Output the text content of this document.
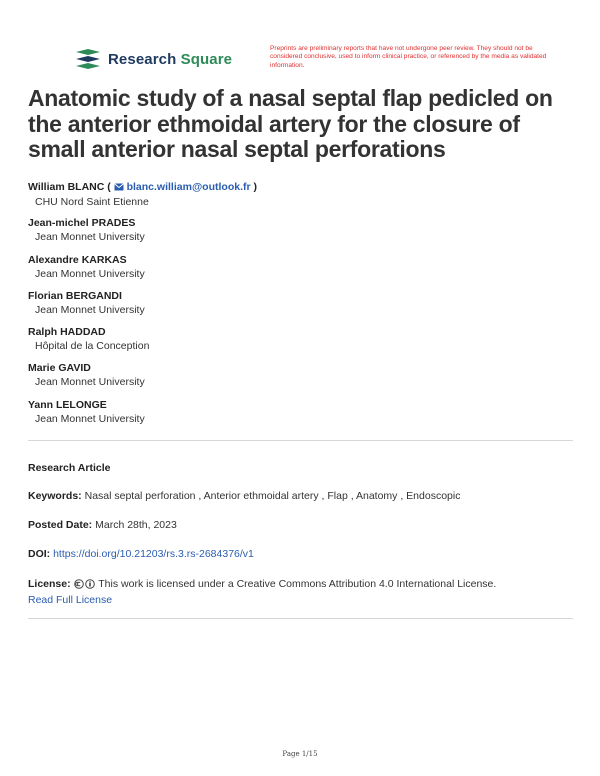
Research Square
Preprints are preliminary reports that have not undergone peer review. They should not be considered conclusive, used to inform clinical practice, or referenced by the media as validated information.
Anatomic study of a nasal septal flap pedicled on the anterior ethmoidal artery for the closure of small anterior nasal septal perforations
William BLANC (  blanc.william@outlook.fr )
CHU Nord Saint Etienne
Jean-michel PRADES
Jean Monnet University
Alexandre KARKAS
Jean Monnet University
Florian BERGANDI
Jean Monnet University
Ralph HADDAD
Hôpital de la Conception
Marie GAVID
Jean Monnet University
Yann LELONGE
Jean Monnet University
Research Article
Keywords: Nasal septal perforation , Anterior ethmoidal artery , Flap , Anatomy , Endoscopic
Posted Date: March 28th, 2023
DOI: https://doi.org/10.21203/rs.3.rs-2684376/v1
License:	This work is licensed under a Creative Commons Attribution 4.0 International License.
Read Full License
Page 1/15
